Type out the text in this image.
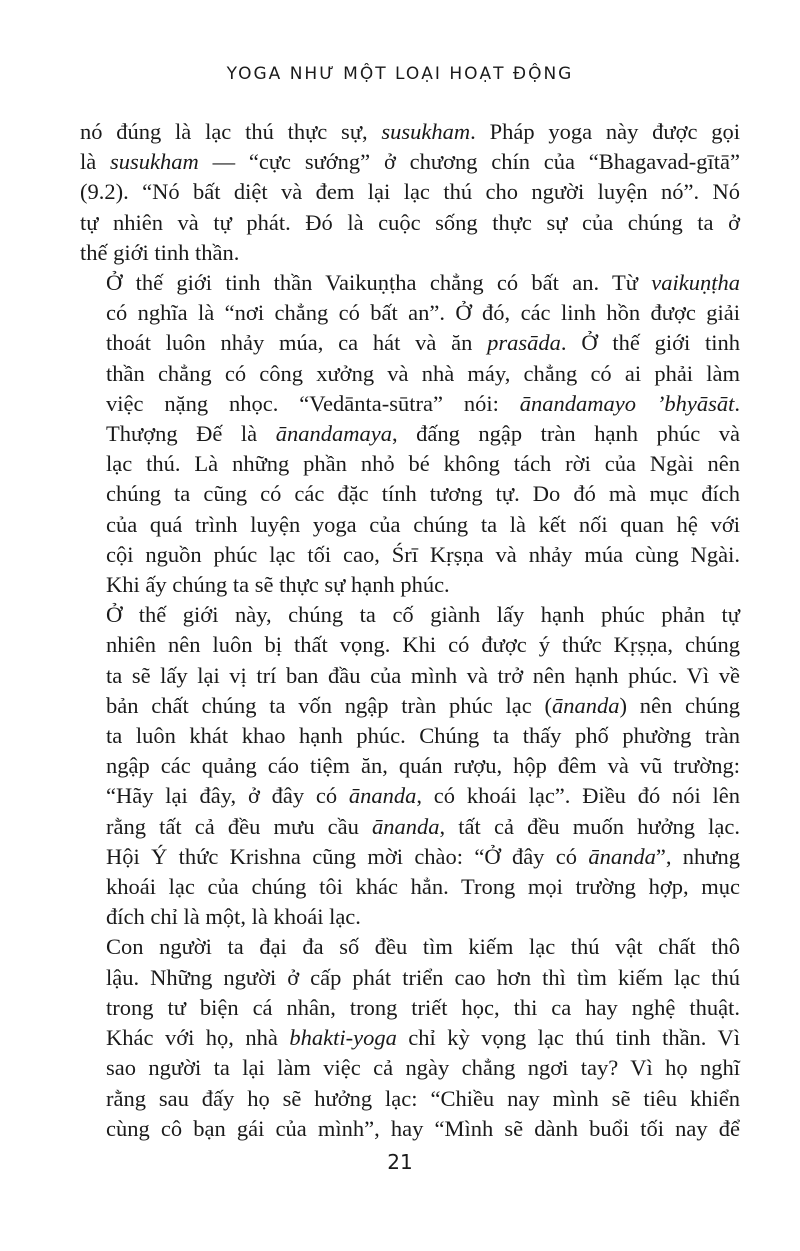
YOGA NHƯ MỘT LOẠI HOẠT ĐỘNG
nó đúng là lạc thú thực sự, susukham. Pháp yoga này được gọi
là susukham — “cực sướng” ở chương chín của “Bhagavad-gītā”
(9.2). “Nó bất diệt và đem lại lạc thú cho người luyện nó”. Nó
tự nhiên và tự phát. Đó là cuộc sống thực sự của chúng ta ở
thế giới tinh thần.
Ở thế giới tinh thần Vaikuṇṭha chẳng có bất an. Từ vaikuṇṭha
có nghĩa là “nơi chẳng có bất an”. Ở đó, các linh hồn được giải
thoát luôn nhảy múa, ca hát và ăn prasāda. Ở thế giới tinh
thần chẳng có công xưởng và nhà máy, chẳng có ai phải làm
việc nặng nhọc. “Vedānta-sūtra” nói: ānandamayo ’bhyāsāt.
Thượng Đế là ānandamaya, đấng ngập tràn hạnh phúc và
lạc thú. Là những phần nhỏ bé không tách rời của Ngài nên
chúng ta cũng có các đặc tính tương tự. Do đó mà mục đích
của quá trình luyện yoga của chúng ta là kết nối quan hệ với
cội nguồn phúc lạc tối cao, Śrī Kṛṣṇa và nhảy múa cùng Ngài.
Khi ấy chúng ta sẽ thực sự hạnh phúc.
Ở thế giới này, chúng ta cố giành lấy hạnh phúc phản tự
nhiên nên luôn bị thất vọng. Khi có được ý thức Kṛṣṇa, chúng
ta sẽ lấy lại vị trí ban đầu của mình và trở nên hạnh phúc. Vì về
bản chất chúng ta vốn ngập tràn phúc lạc (ānanda) nên chúng
ta luôn khát khao hạnh phúc. Chúng ta thấy phố phường tràn
ngập các quảng cáo tiệm ăn, quán rượu, hộp đêm và vũ trường:
“Hãy lại đây, ở đây có ānanda, có khoái lạc”. Điều đó nói lên
rằng tất cả đều mưu cầu ānanda, tất cả đều muốn hưởng lạc.
Hội Ý thức Krishna cũng mời chào: “Ở đây có ānanda”, nhưng
khoái lạc của chúng tôi khác hẳn. Trong mọi trường hợp, mục
đích chỉ là một, là khoái lạc.
Con người ta đại đa số đều tìm kiếm lạc thú vật chất thô
lậu. Những người ở cấp phát triển cao hơn thì tìm kiếm lạc thú
trong tư biện cá nhân, trong triết học, thi ca hay nghệ thuật.
Khác với họ, nhà bhakti-yoga chỉ kỳ vọng lạc thú tinh thần. Vì
sao người ta lại làm việc cả ngày chẳng ngơi tay? Vì họ nghĩ
rằng sau đấy họ sẽ hưởng lạc: “Chiều nay mình sẽ tiêu khiển
cùng cô bạn gái của mình”, hay “Mình sẽ dành buổi tối nay để
21
